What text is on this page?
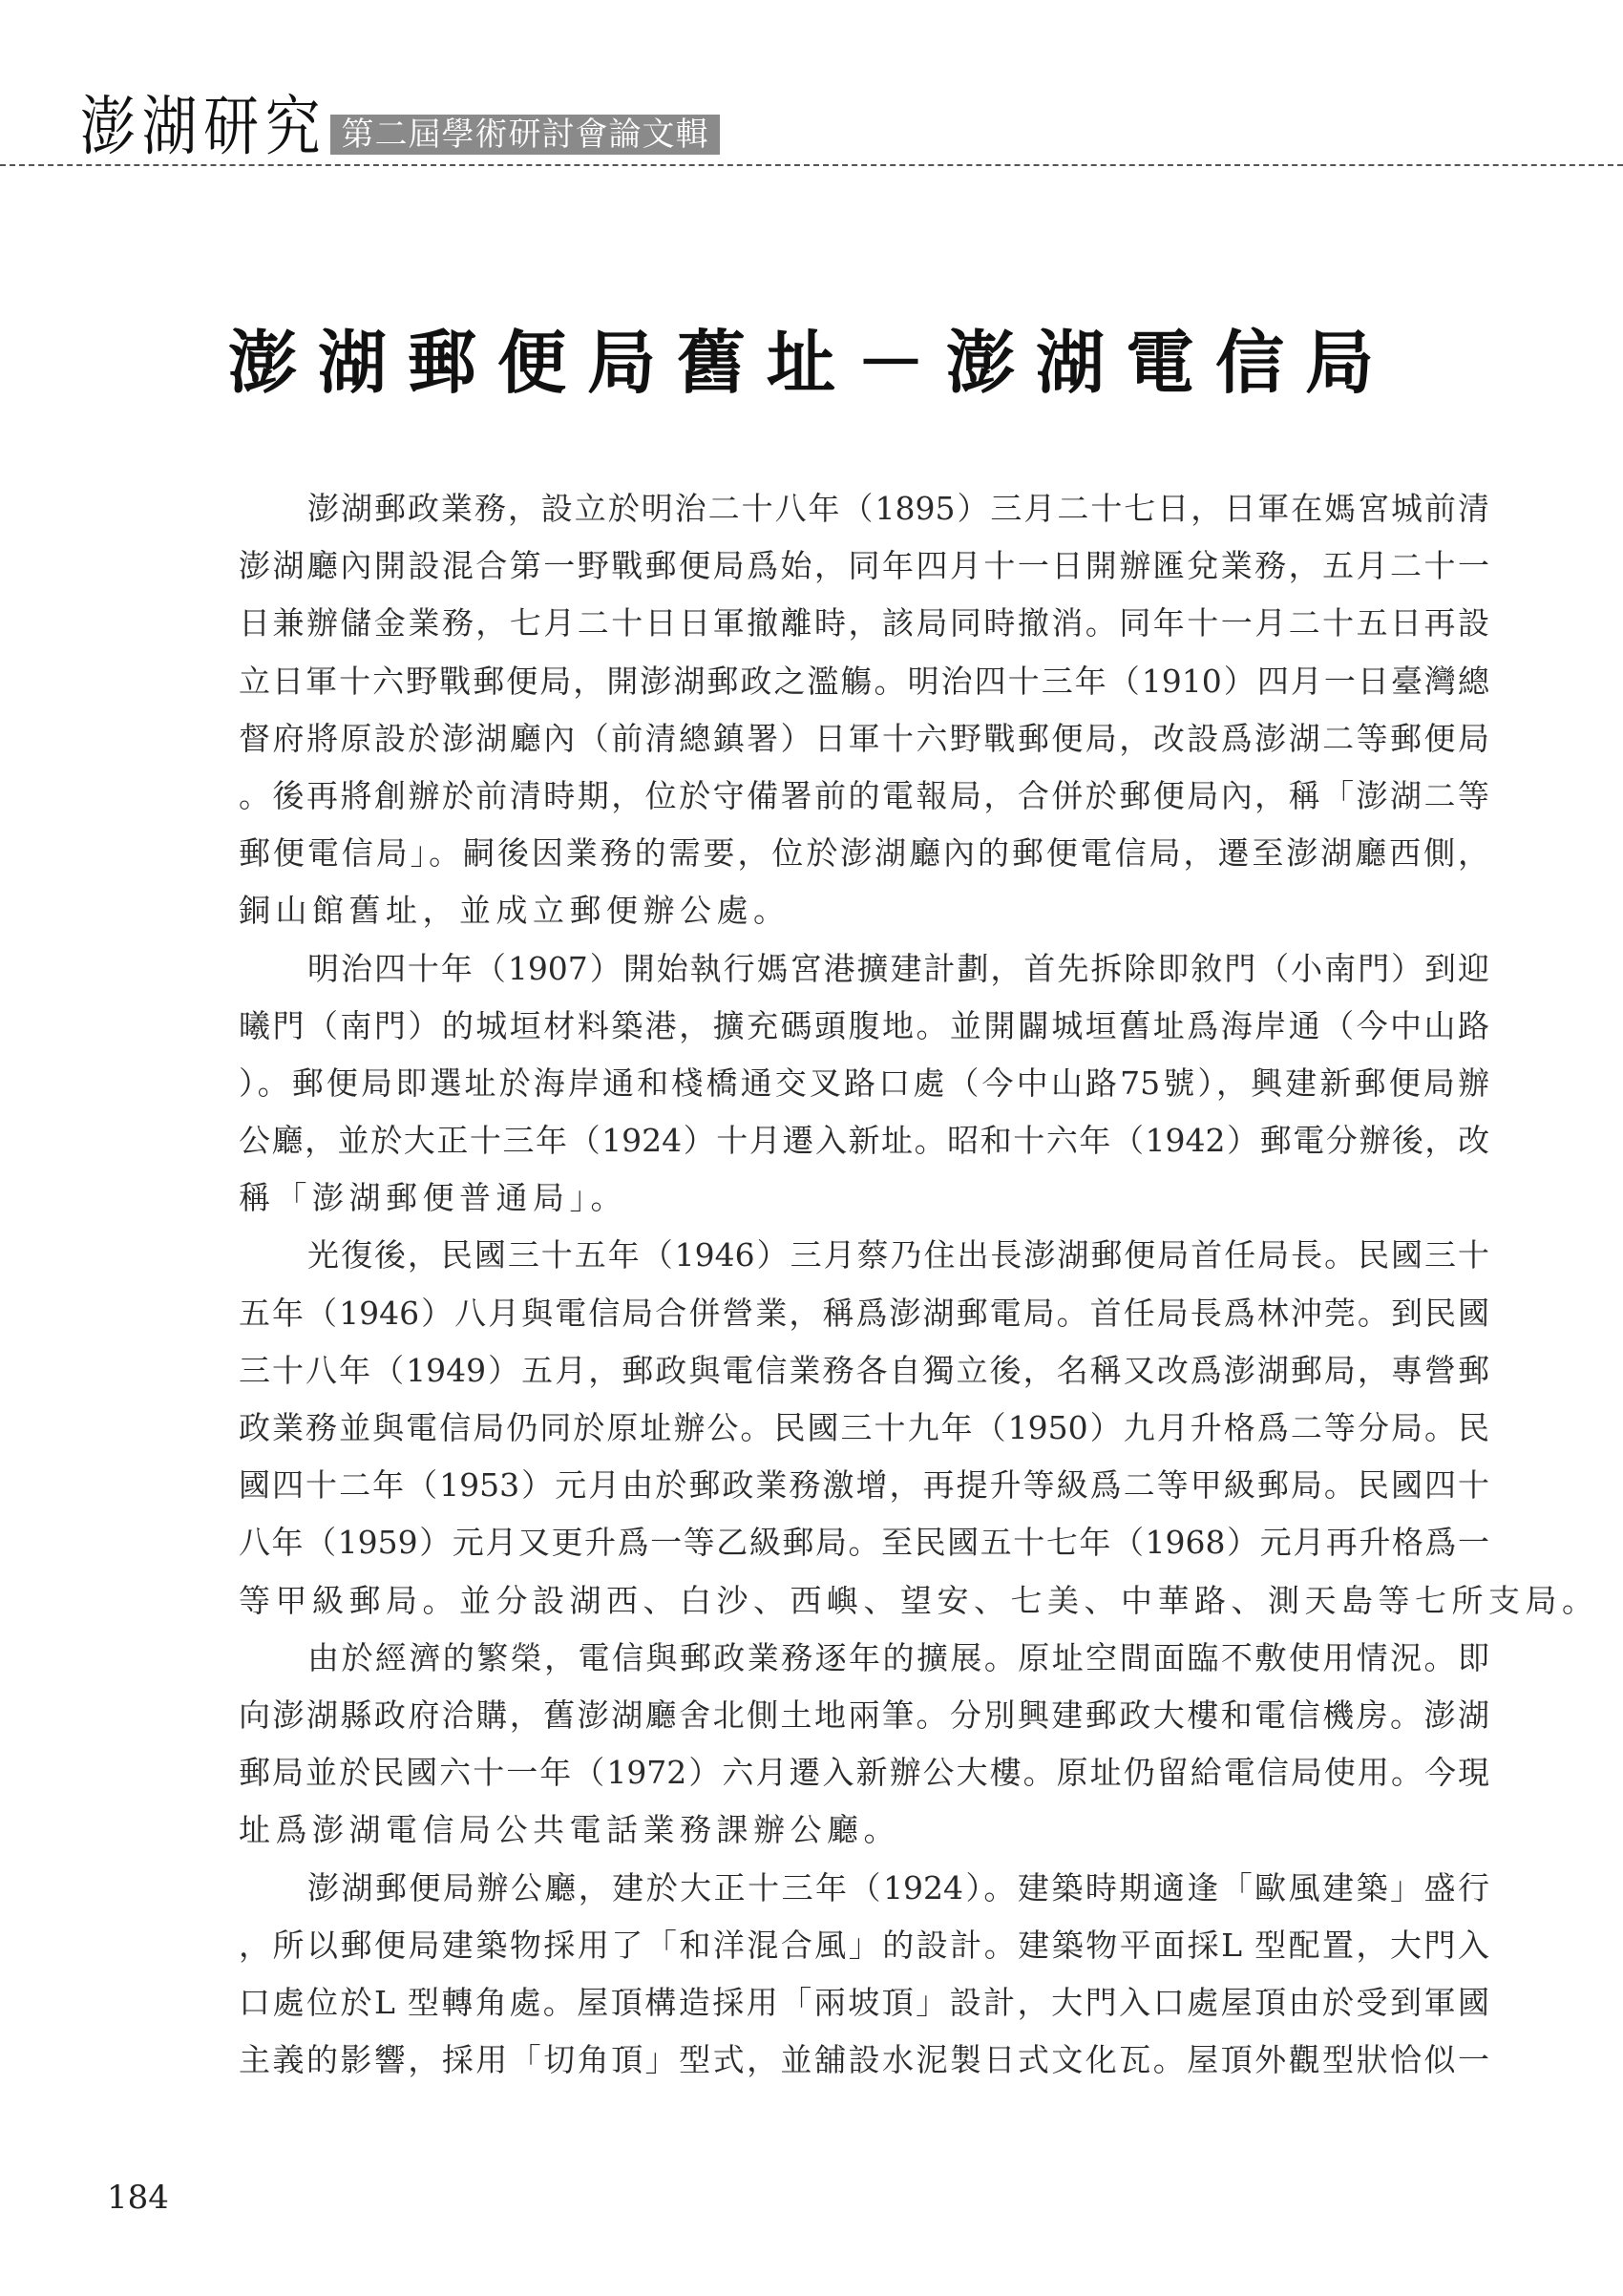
澎湖研究 第二屆學術研討會論文輯
澎湖郵便局舊址－澎湖電信局
澎湖郵政業務，設立於明治二十八年（1895）三月二十七日，日軍在媽宮城前清
澎湖廳內開設混合第一野戰郵便局爲始，同年四月十一日開辦匯兌業務，五月二十一
日兼辦儲金業務，七月二十日日軍撤離時，該局同時撤消。同年十一月二十五日再設
立日軍十六野戰郵便局，開澎湖郵政之濫觴。明治四十三年（1910）四月一日臺灣總
督府將原設於澎湖廳內（前清總鎮署）日軍十六野戰郵便局，改設爲澎湖二等郵便局
。後再將創辦於前清時期，位於守備署前的電報局，合併於郵便局內，稱「澎湖二等
郵便電信局」。嗣後因業務的需要，位於澎湖廳內的郵便電信局，遷至澎湖廳西側，
銅山館舊址，並成立郵便辦公處。
明治四十年（1907）開始執行媽宮港擴建計劃，首先拆除即敘門（小南門）到迎
曦門（南門）的城垣材料築港，擴充碼頭腹地。並開闢城垣舊址爲海岸通（今中山路
）。郵便局即選址於海岸通和棧橋通交叉路口處（今中山路75號），興建新郵便局辦
公廳，並於大正十三年（1924）十月遷入新址。昭和十六年（1942）郵電分辦後，改
稱「澎湖郵便普通局」。
光復後，民國三十五年（1946）三月蔡乃住出長澎湖郵便局首任局長。民國三十
五年（1946）八月與電信局合併營業，稱爲澎湖郵電局。首任局長爲林沖莞。到民國
三十八年（1949）五月，郵政與電信業務各自獨立後，名稱又改爲澎湖郵局，專營郵
政業務並與電信局仍同於原址辦公。民國三十九年（1950）九月升格爲二等分局。民
國四十二年（1953）元月由於郵政業務激增，再提升等級爲二等甲級郵局。民國四十
八年（1959）元月又更升爲一等乙級郵局。至民國五十七年（1968）元月再升格爲一
等甲級郵局。並分設湖西、白沙、西嶼、望安、七美、中華路、測天島等七所支局。
由於經濟的繁榮，電信與郵政業務逐年的擴展。原址空間面臨不敷使用情況。即
向澎湖縣政府洽購，舊澎湖廳舍北側土地兩筆。分別興建郵政大樓和電信機房。澎湖
郵局並於民國六十一年（1972）六月遷入新辦公大樓。原址仍留給電信局使用。今現
址爲澎湖電信局公共電話業務課辦公廳。
澎湖郵便局辦公廳，建於大正十三年（1924）。建築時期適逢「歐風建築」盛行
，所以郵便局建築物採用了「和洋混合風」的設計。建築物平面採L 型配置，大門入
口處位於L 型轉角處。屋頂構造採用「兩坡頂」設計，大門入口處屋頂由於受到軍國
主義的影響，採用「切角頂」型式，並舖設水泥製日式文化瓦。屋頂外觀型狀恰似一
184
